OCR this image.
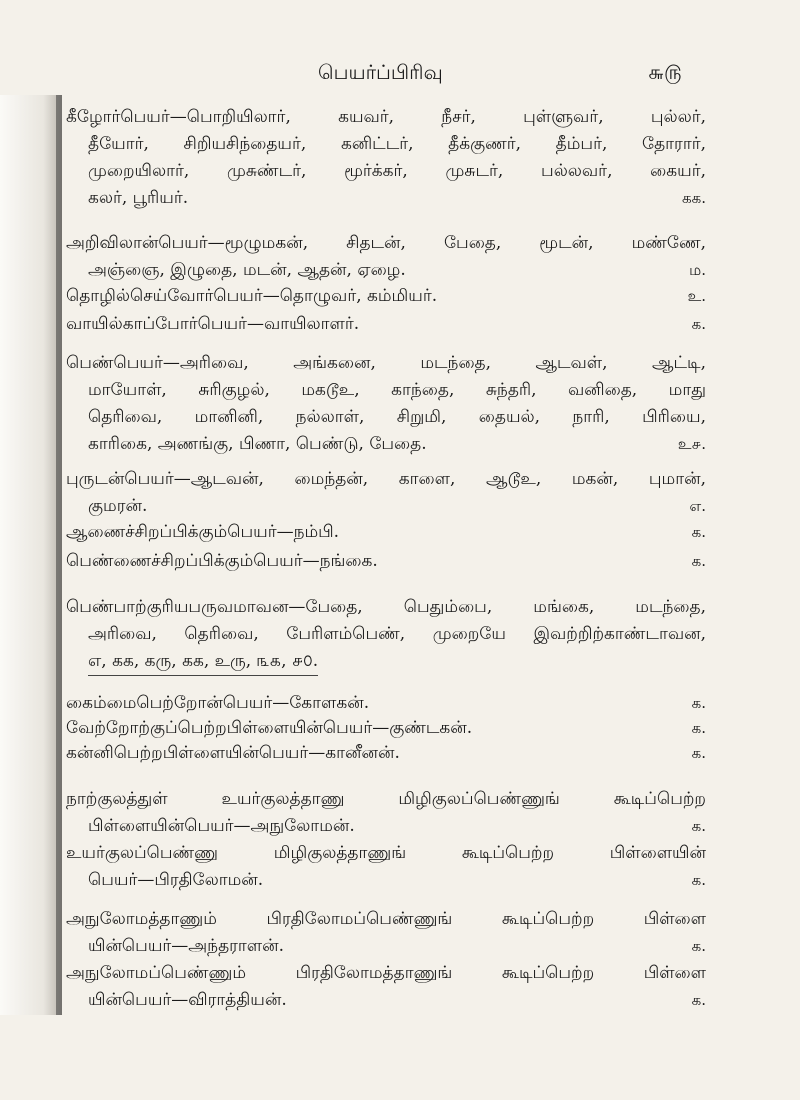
பெயர்ப்பிரிவு	௬௫
கீழோர்பெயர்—பொறியிலார், கயவர், நீசர், புள்ளுவர், புல்லர்,
தீயோர், சிறியசிந்தையர், கனிட்டர், தீக்குணர், தீம்பர், தோரார்,
முறையிலார், முசுண்டர், மூர்க்கர், முசுடர், பல்லவர், கையர்,
கலர், பூரியர்.	கக.
அறிவிலான்பெயர்—மூழுமகன், சிதடன், பேதை, மூடன், மண்ணே,
அஞ்ஞை, இழுதை, மடன், ஆதன், ஏழை.	ம.
தொழில்செய்வோர்பெயர்—தொழுவர், கம்மியர்.	உ.
வாயில்காப்போர்பெயர்—வாயிலாளர்.	க.
பெண்பெயர்—அரிவை, அங்கனை, மடந்தை, ஆடவள், ஆட்டி,
மாயோள், சுரிகுழல், மகடூஉ, காந்தை, சுந்தரி, வனிதை, மாது
தெரிவை, மானினி, நல்லாள், சிறுமி, தையல், நாரி, பிரியை,
காரிகை, அணங்கு, பிணா, பெண்டு, பேதை.	உ௪.
புருடன்பெயர்—ஆடவன், மைந்தன், காளை, ஆடூஉ, மகன், புமான்,
குமரன்.	எ.
ஆணைச்சிறப்பிக்கும்பெயர்—நம்பி.	க.
பெண்ணைச்சிறப்பிக்கும்பெயர்—நங்கை.	க.
பெண்பாற்குரியபருவமாவன—பேதை, பெதும்பை, மங்கை, மடந்தை,
அரிவை, தெரிவை, பேரிளம்பெண், முறையே இவற்றிற்காண்டாவன,
எ, கக, கரு, கக, உரு, ௩௧, ௪௦.
கைம்மைபெற்றோன்பெயர்—கோளகன்.	க.
வேற்றோற்குப்பெற்றபிள்ளையின்பெயர்—குண்டகன்.	க.
கன்னிபெற்றபிள்ளையின்பெயர்—கானீனன்.	க.
நாற்குலத்துள் உயர்குலத்தாணு மிழிகுலப்பெண்ணுங் கூடிப்பெற்ற
பிள்ளையின்பெயர்—அநுலோமன்.	க.
உயர்குலப்பெண்ணு மிழிகுலத்தாணுங் கூடிப்பெற்ற பிள்ளையின்
பெயர்—பிரதிலோமன்.	க.
அநுலோமத்தாணும் பிரதிலோமப்பெண்ணுங் கூடிப்பெற்ற பிள்ளை
யின்பெயர்—அந்தராளன்.	க.
அநுலோமப்பெண்ணும் பிரதிலோமத்தாணுங் கூடிப்பெற்ற பிள்ளை
யின்பெயர்—விராத்தியன்.	க.
